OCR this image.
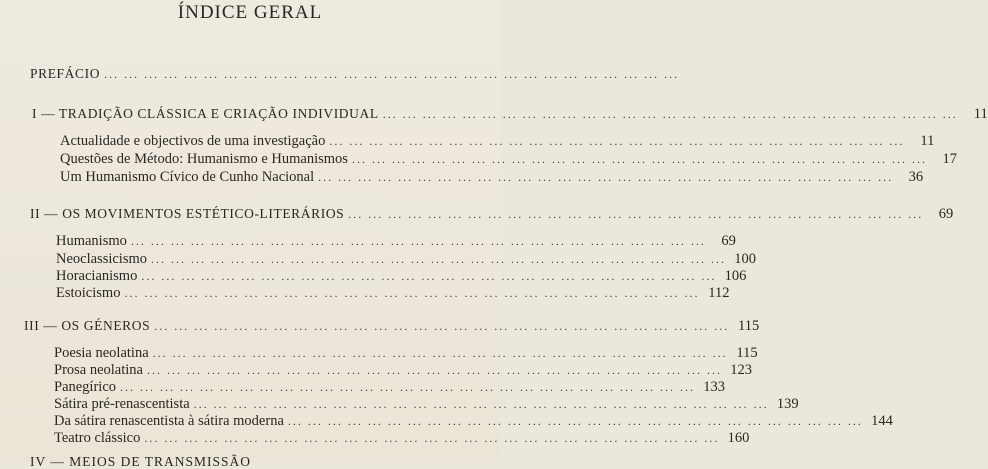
ÍNDICE GERAL
PREFÁCIO ... ... ... ... ... ... ... ... ... ... ... ... ... ... ... ... ... ... ... ... ... ... ... ... ... ... ... ... ...
I — TRADIÇÃO CLÁSSICA E CRIAÇÃO INDIVIDUAL ... ... ... ... ... ... ... ... ... ... ... ... ... ... ... ... ... ... ... ... ... ... ... ... ... ... ... ... ...	11
Actualidade e objectivos de uma investigação ... ... ... ... ... ... ... ... ... ... ... ... ... ... ... ... ... ... ... ... ... ... ... ... ... ... ... ... ...	11
Questões de Método: Humanismo e Humanismos ... ... ... ... ... ... ... ... ... ... ... ... ... ... ... ... ... ... ... ... ... ... ... ... ... ... ... ... ...	17
Um Humanismo Cívico de Cunho Nacional ... ... ... ... ... ... ... ... ... ... ... ... ... ... ... ... ... ... ... ... ... ... ... ... ... ... ... ... ...	36
II — OS MOVIMENTOS ESTÉTICO-LITERÁRIOS ... ... ... ... ... ... ... ... ... ... ... ... ... ... ... ... ... ... ... ... ... ... ... ... ... ... ... ... ...	69
Humanismo ... ... ... ... ... ... ... ... ... ... ... ... ... ... ... ... ... ... ... ... ... ... ... ... ... ... ... ... ...	69
Neoclassicismo ... ... ... ... ... ... ... ... ... ... ... ... ... ... ... ... ... ... ... ... ... ... ... ... ... ... ... ... ... 100
Horacianismo ... ... ... ... ... ... ... ... ... ... ... ... ... ... ... ... ... ... ... ... ... ... ... ... ... ... ... ... ... 106
Estoicismo ... ... ... ... ... ... ... ... ... ... ... ... ... ... ... ... ... ... ... ... ... ... ... ... ... ... ... ... ... 112
III — OS GÉNEROS ... ... ... ... ... ... ... ... ... ... ... ... ... ... ... ... ... ... ... ... ... ... ... ... ... ... ... ... ... 115
Poesia neolatina ... ... ... ... ... ... ... ... ... ... ... ... ... ... ... ... ... ... ... ... ... ... ... ... ... ... ... ... ... 115
Prosa neolatina ... ... ... ... ... ... ... ... ... ... ... ... ... ... ... ... ... ... ... ... ... ... ... ... ... ... ... ... ... 123
Panegírico ... ... ... ... ... ... ... ... ... ... ... ... ... ... ... ... ... ... ... ... ... ... ... ... ... ... ... ... ... 133
Sátira pré-renascentista ... ... ... ... ... ... ... ... ... ... ... ... ... ... ... ... ... ... ... ... ... ... ... ... ... ... ... ... ... 139
Da sátira renascentista à sátira moderna ... ... ... ... ... ... ... ... ... ... ... ... ... ... ... ... ... ... ... ... ... ... ... ... ... ... ... ... ... 144
Teatro clássico ... ... ... ... ... ... ... ... ... ... ... ... ... ... ... ... ... ... ... ... ... ... ... ... ... ... ... ... ... 160
IV — MEIOS DE TRANSMISSÃO
